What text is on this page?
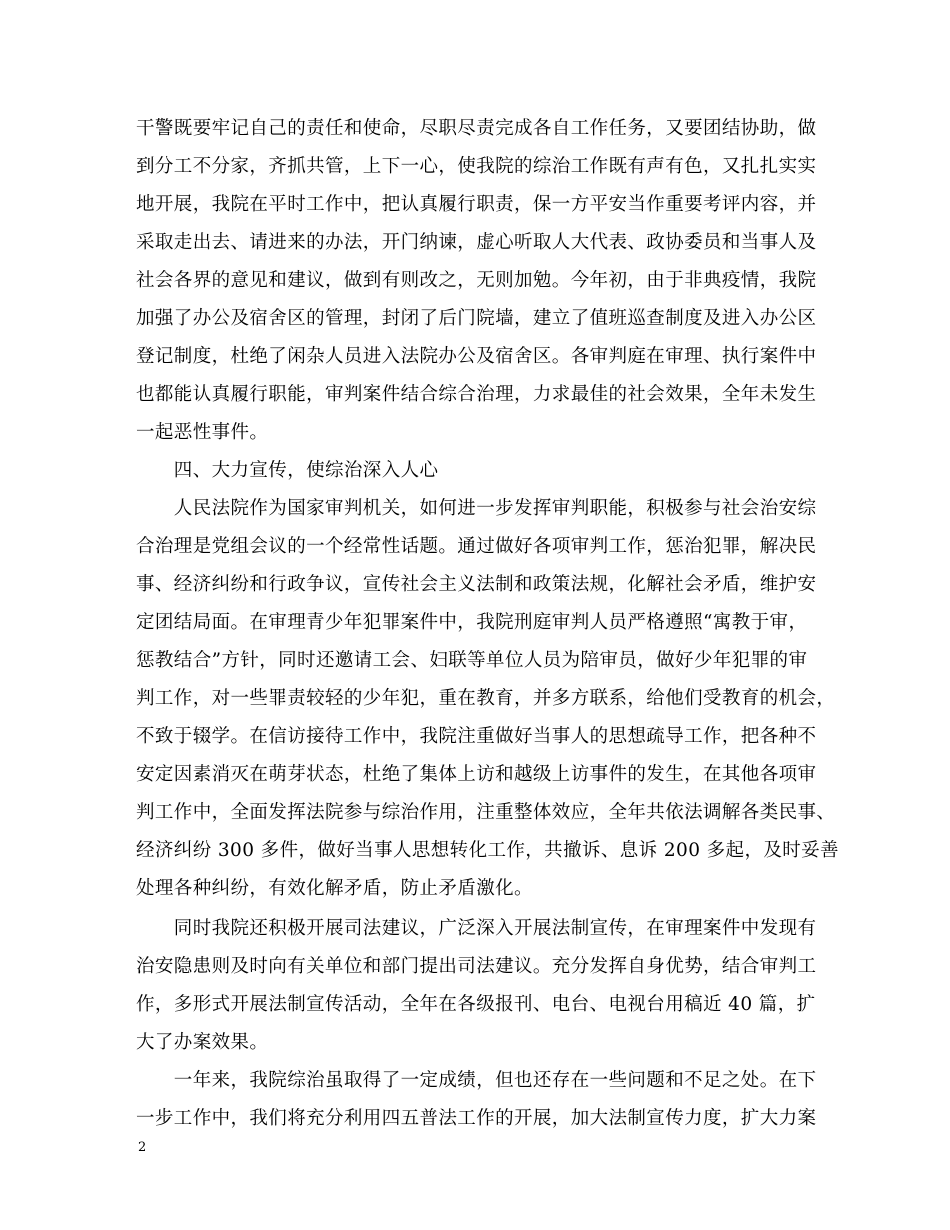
干警既要牢记自己的责任和使命，尽职尽责完成各自工作任务，又要团结协助，做
到分工不分家，齐抓共管，上下一心，使我院的综治工作既有声有色，又扎扎实实
地开展，我院在平时工作中，把认真履行职责，保一方平安当作重要考评内容，并
采取走出去、请进来的办法，开门纳谏，虚心听取人大代表、政协委员和当事人及
社会各界的意见和建议，做到有则改之，无则加勉。今年初，由于非典疫情，我院
加强了办公及宿舍区的管理，封闭了后门院墙，建立了值班巡查制度及进入办公区
登记制度，杜绝了闲杂人员进入法院办公及宿舍区。各审判庭在审理、执行案件中
也都能认真履行职能，审判案件结合综合治理，力求最佳的社会效果，全年未发生
一起恶性事件。
　　四、大力宣传，使综治深入人心
　　人民法院作为国家审判机关，如何进一步发挥审判职能，积极参与社会治安综
合治理是党组会议的一个经常性话题。通过做好各项审判工作，惩治犯罪，解决民
事、经济纠纷和行政争议，宣传社会主义法制和政策法规，化解社会矛盾，维护安
定团结局面。在审理青少年犯罪案件中，我院刑庭审判人员严格遵照“寓教于审，
惩教结合”方针，同时还邀请工会、妇联等单位人员为陪审员，做好少年犯罪的审
判工作，对一些罪责较轻的少年犯，重在教育，并多方联系，给他们受教育的机会，
不致于辍学。在信访接待工作中，我院注重做好当事人的思想疏导工作，把各种不
安定因素消灭在萌芽状态，杜绝了集体上访和越级上访事件的发生，在其他各项审
判工作中，全面发挥法院参与综治作用，注重整体效应，全年共依法调解各类民事、
经济纠纷 300 多件，做好当事人思想转化工作，共撤诉、息诉 200 多起，及时妥善
处理各种纠纷，有效化解矛盾，防止矛盾激化。
　　同时我院还积极开展司法建议，广泛深入开展法制宣传，在审理案件中发现有
治安隐患则及时向有关单位和部门提出司法建议。充分发挥自身优势，结合审判工
作，多形式开展法制宣传活动，全年在各级报刊、电台、电视台用稿近 40 篇，扩
大了办案效果。
　　一年来，我院综治虽取得了一定成绩，但也还存在一些问题和不足之处。在下
一步工作中，我们将充分利用四五普法工作的开展，加大法制宣传力度，扩大力案
2
